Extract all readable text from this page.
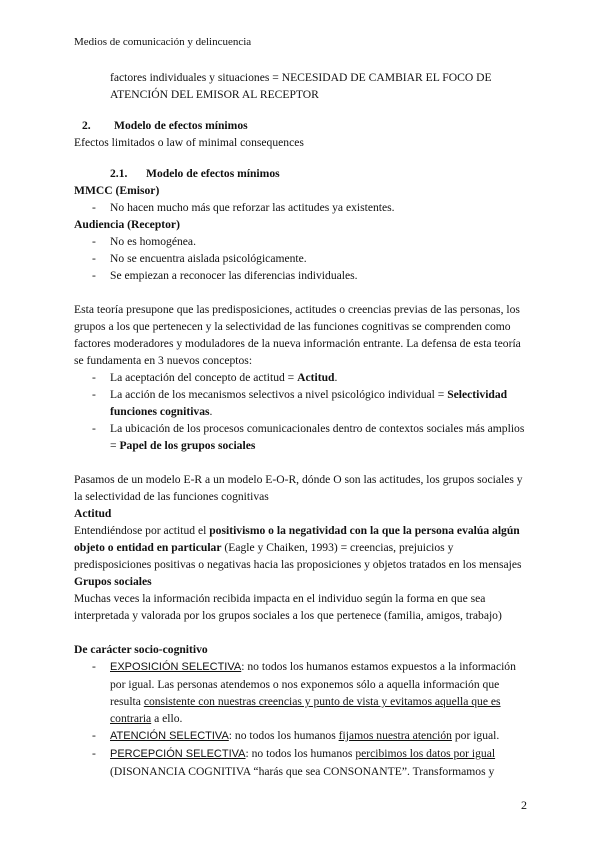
Medios de comunicación y delincuencia
factores individuales y situaciones = NECESIDAD DE CAMBIAR EL FOCO DE ATENCIÓN DEL EMISOR AL RECEPTOR
2. Modelo de efectos mínimos
Efectos limitados o law of minimal consequences
2.1. Modelo de efectos mínimos
MMCC (Emisor)
- No hacen mucho más que reforzar las actitudes ya existentes.
Audiencia (Receptor)
- No es homogénea.
- No se encuentra aislada psicológicamente.
- Se empiezan a reconocer las diferencias individuales.
Esta teoría presupone que las predisposiciones, actitudes o creencias previas de las personas, los grupos a los que pertenecen y la selectividad de las funciones cognitivas se comprenden como factores moderadores y moduladores de la nueva información entrante. La defensa de esta teoría se fundamenta en 3 nuevos conceptos:
- La aceptación del concepto de actitud = Actitud.
- La acción de los mecanismos selectivos a nivel psicológico individual = Selectividad funciones cognitivas.
- La ubicación de los procesos comunicacionales dentro de contextos sociales más amplios = Papel de los grupos sociales
Pasamos de un modelo E-R a un modelo E-O-R, dónde O son las actitudes, los grupos sociales y la selectividad de las funciones cognitivas
Actitud
Entendiéndose por actitud el positivismo o la negatividad con la que la persona evalúa algún objeto o entidad en particular (Eagle y Chaiken, 1993) = creencias, prejuicios y predisposiciones positivas o negativas hacia las proposiciones y objetos tratados en los mensajes
Grupos sociales
Muchas veces la información recibida impacta en el individuo según la forma en que sea interpretada y valorada por los grupos sociales a los que pertenece (familia, amigos, trabajo)
De carácter socio-cognitivo
- EXPOSICIÓN SELECTIVA: no todos los humanos estamos expuestos a la información por igual. Las personas atendemos o nos exponemos sólo a aquella información que resulta consistente con nuestras creencias y punto de vista y evitamos aquella que es contraria a ello.
- ATENCIÓN SELECTIVA: no todos los humanos fijamos nuestra atención por igual.
- PERCEPCIÓN SELECTIVA: no todos los humanos percibimos los datos por igual (DISONANCIA COGNITIVA “harás que sea CONSONANTE”. Transformamos y
2
